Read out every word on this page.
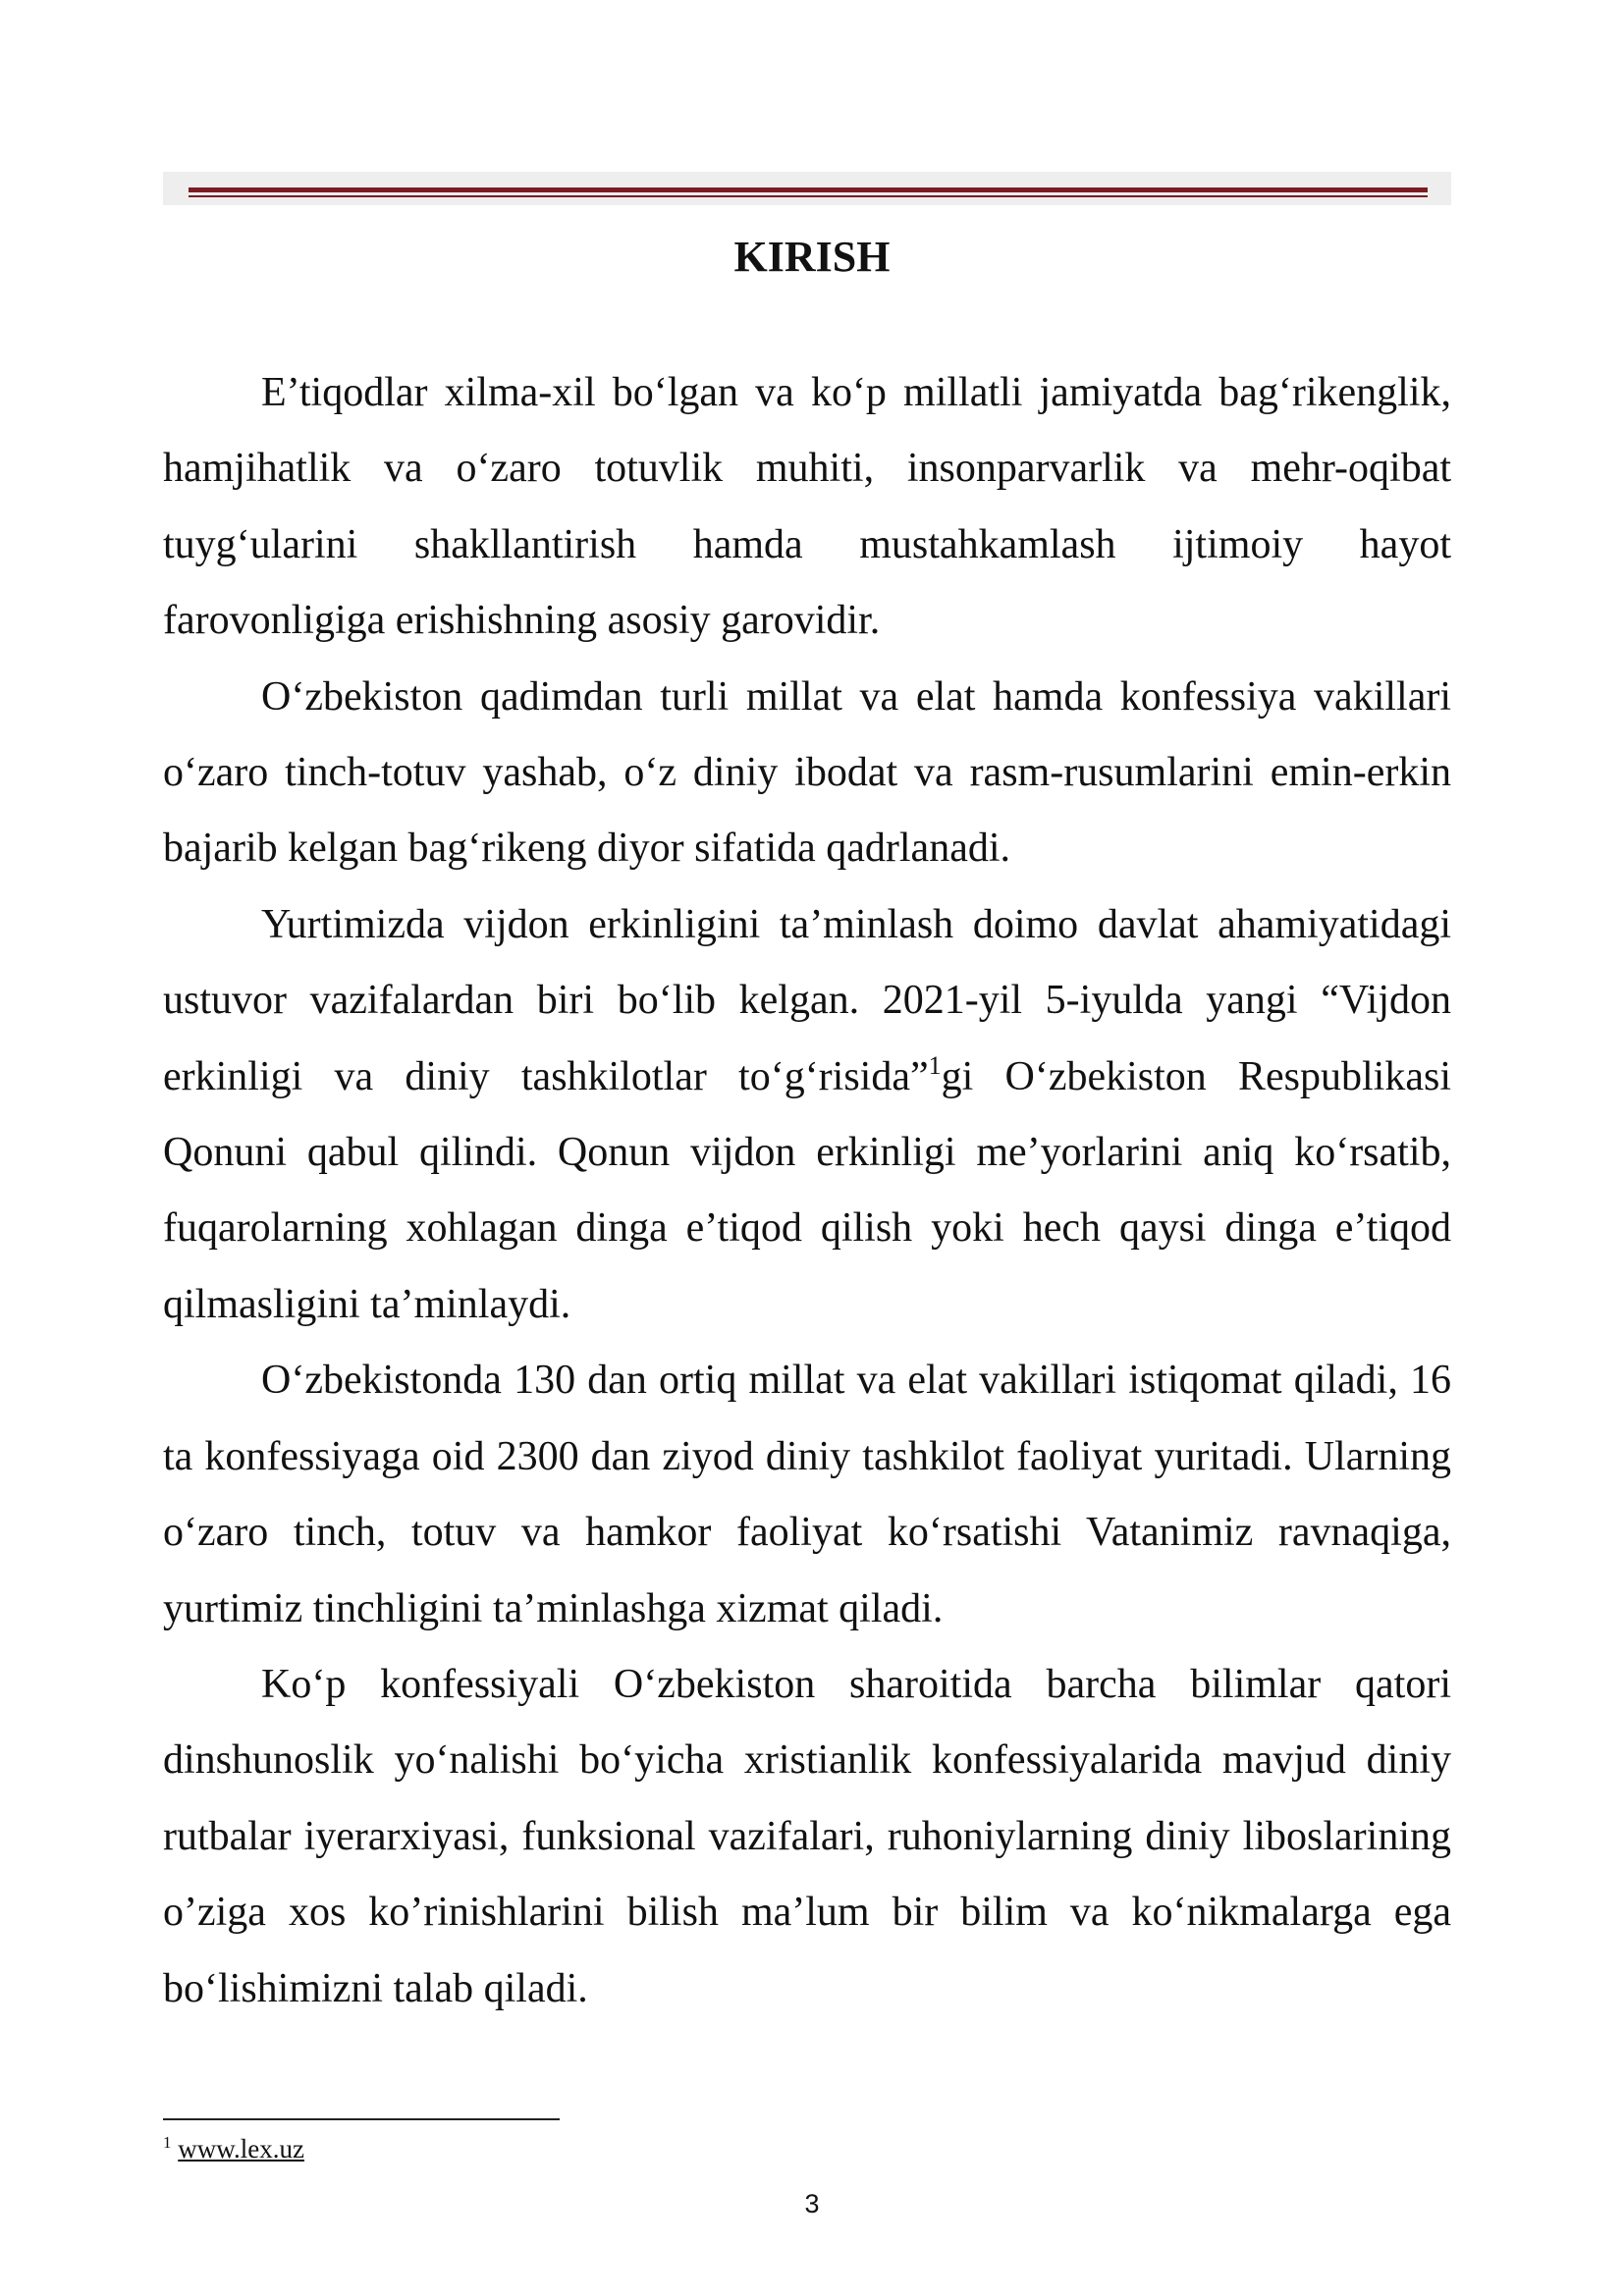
KIRISH

E’tiqodlar xilma-xil bo‘lgan va ko‘p millatli jamiyatda bag‘rikenglik, hamjihatlik va o‘zaro totuvlik muhiti, insonparvarlik va mehr-oqibat tuyg‘ularini shakllantirish hamda mustahkamlash ijtimoiy hayot farovonligiga erishishning asosiy garovidir.

O‘zbekiston qadimdan turli millat va elat hamda konfessiya vakillari o‘zaro tinch-totuv yashab, o‘z diniy ibodat va rasm-rusumlarini emin-erkin bajarib kelgan bag‘rikeng diyor sifatida qadrlanadi.

Yurtimizda vijdon erkinligini ta’minlash doimo davlat ahamiyatidagi ustuvor vazifalardan biri bo‘lib kelgan. 2021-yil 5-iyulda yangi “Vijdon erkinligi va diniy tashkilotlar to‘g‘risida”$^1$gi O‘zbekiston Respublikasi Qonuni qabul qilindi. Qonun vijdon erkinligi me’yorlarini aniq ko‘rsatib, fuqarolarning xohlagan dinga e’tiqod qilish yoki hech qaysi dinga e’tiqod qilmasligini ta’minlaydi.

O‘zbekistonda 130 dan ortiq millat va elat vakillari istiqomat qiladi, 16 ta konfessiyaga oid 2300 dan ziyod diniy tashkilot faoliyat yuritadi. Ularning o‘zaro tinch, totuv va hamkor faoliyat ko‘rsatishi Vatanimiz ravnaqiga, yurtimiz tinchligini ta’minlashga xizmat qiladi.

Ko‘p konfessiyali O‘zbekiston sharoitida barcha bilimlar qatori dinshunoslik yo‘nalishi bo‘yicha xristianlik konfessiyalarida mavjud diniy rutbalar iyerarxiyasi, funksional vazifalari, ruhoniylarning diniy liboslarining o’ziga xos ko’rinishlarini bilish ma’lum bir bilim va ko‘nikmalarga ega bo‘lishimizni talab qiladi.

$^1$ www.lex.uz
3
